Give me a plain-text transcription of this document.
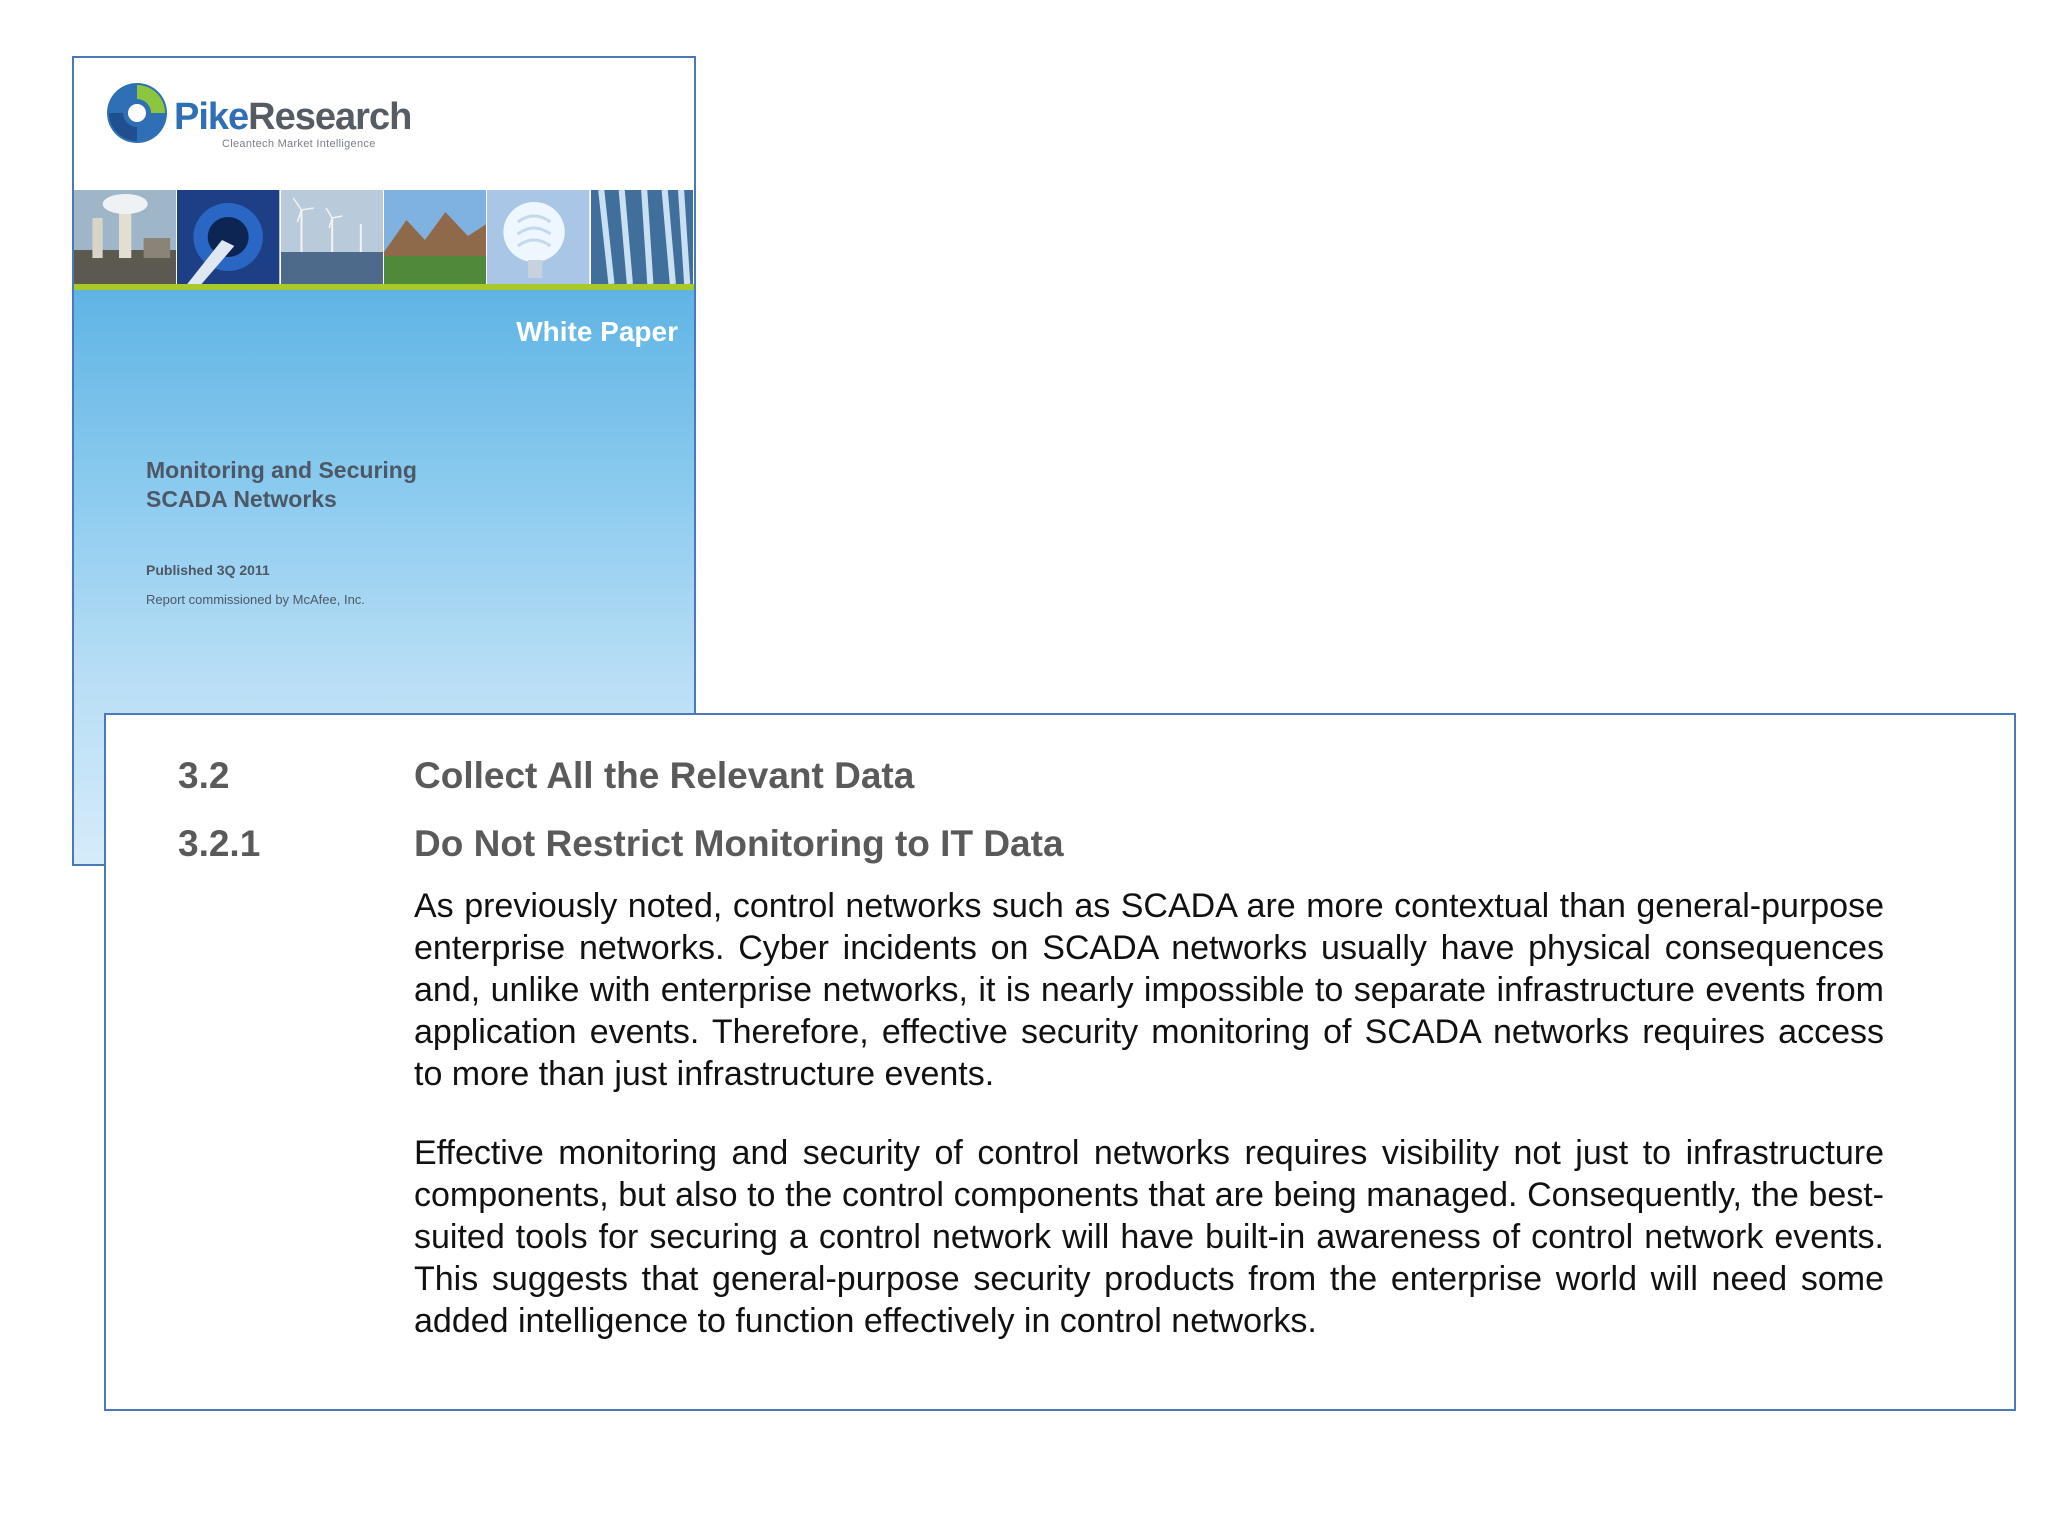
PikeResearch
Cleantech Market Intelligence
White Paper
Monitoring and Securing
SCADA Networks
Published 3Q 2011
Report commissioned by McAfee, Inc.
3.2	Collect All the Relevant Data
3.2.1	Do Not Restrict Monitoring to IT Data

As previously noted, control networks such as SCADA are more contextual than general-purpose enterprise networks. Cyber incidents on SCADA networks usually have physical consequences and, unlike with enterprise networks, it is nearly impossible to separate infrastructure events from application events. Therefore, effective security monitoring of SCADA networks requires access to more than just infrastructure events.

Effective monitoring and security of control networks requires visibility not just to infrastructure components, but also to the control components that are being managed. Consequently, the best-suited tools for securing a control network will have built-in awareness of control network events. This suggests that general-purpose security products from the enterprise world will need some added intelligence to function effectively in control networks.
